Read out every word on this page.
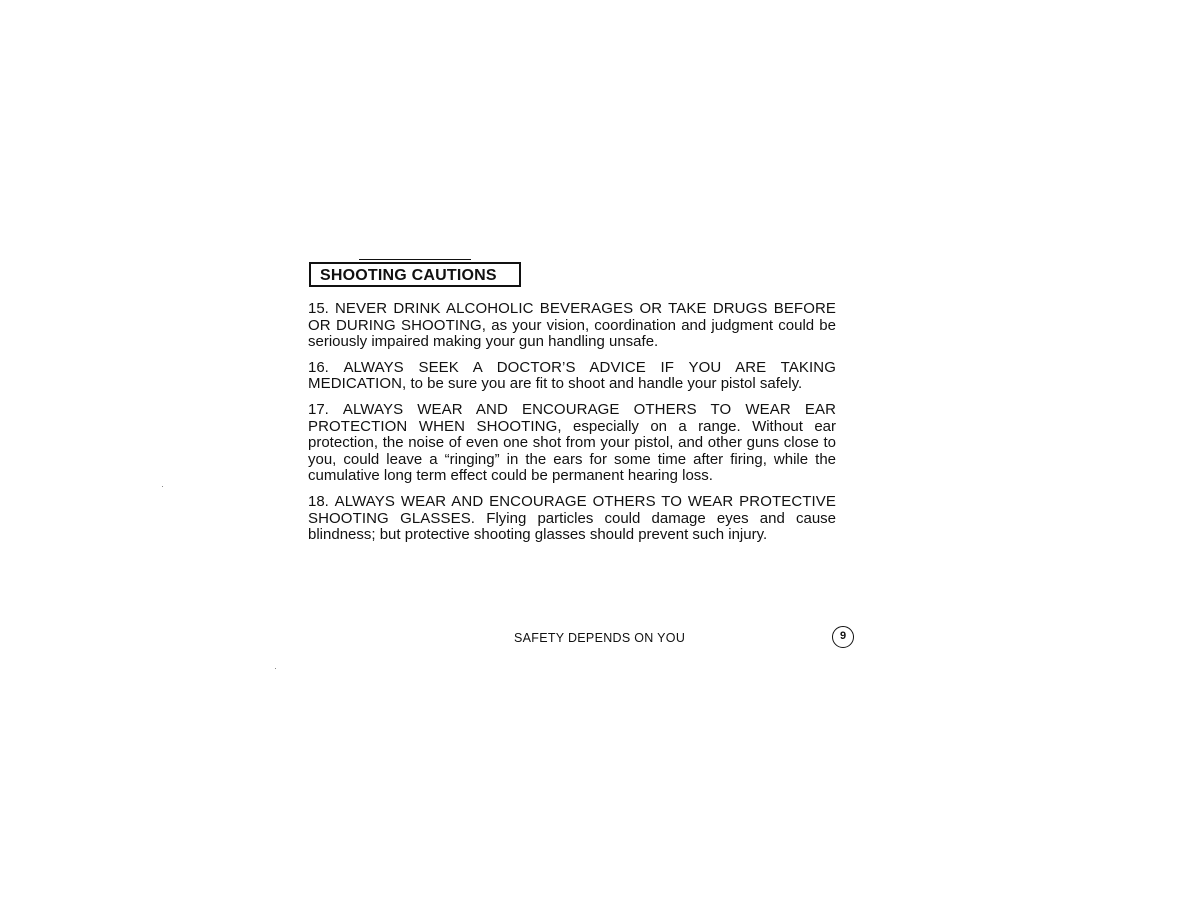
SHOOTING CAUTIONS

15. NEVER DRINK ALCOHOLIC BEVERAGES OR TAKE DRUGS BEFORE OR DURING SHOOTING, as your vision, coordination and judgment could be seriously impaired making your gun handling unsafe.

16. ALWAYS SEEK A DOCTOR’S ADVICE IF YOU ARE TAKING MEDICATION, to be sure you are fit to shoot and handle your pistol safely.

17. ALWAYS WEAR AND ENCOURAGE OTHERS TO WEAR EAR PROTECTION WHEN SHOOTING, especially on a range. Without ear protection, the noise of even one shot from your pistol, and other guns close to you, could leave a “ringing” in the ears for some time after firing, while the cumulative long term effect could be permanent hearing loss.

18. ALWAYS WEAR AND ENCOURAGE OTHERS TO WEAR PROTECTIVE SHOOTING GLASSES. Flying particles could damage eyes and cause blindness; but protective shooting glasses should prevent such injury.

SAFETY DEPENDS ON YOU	9
